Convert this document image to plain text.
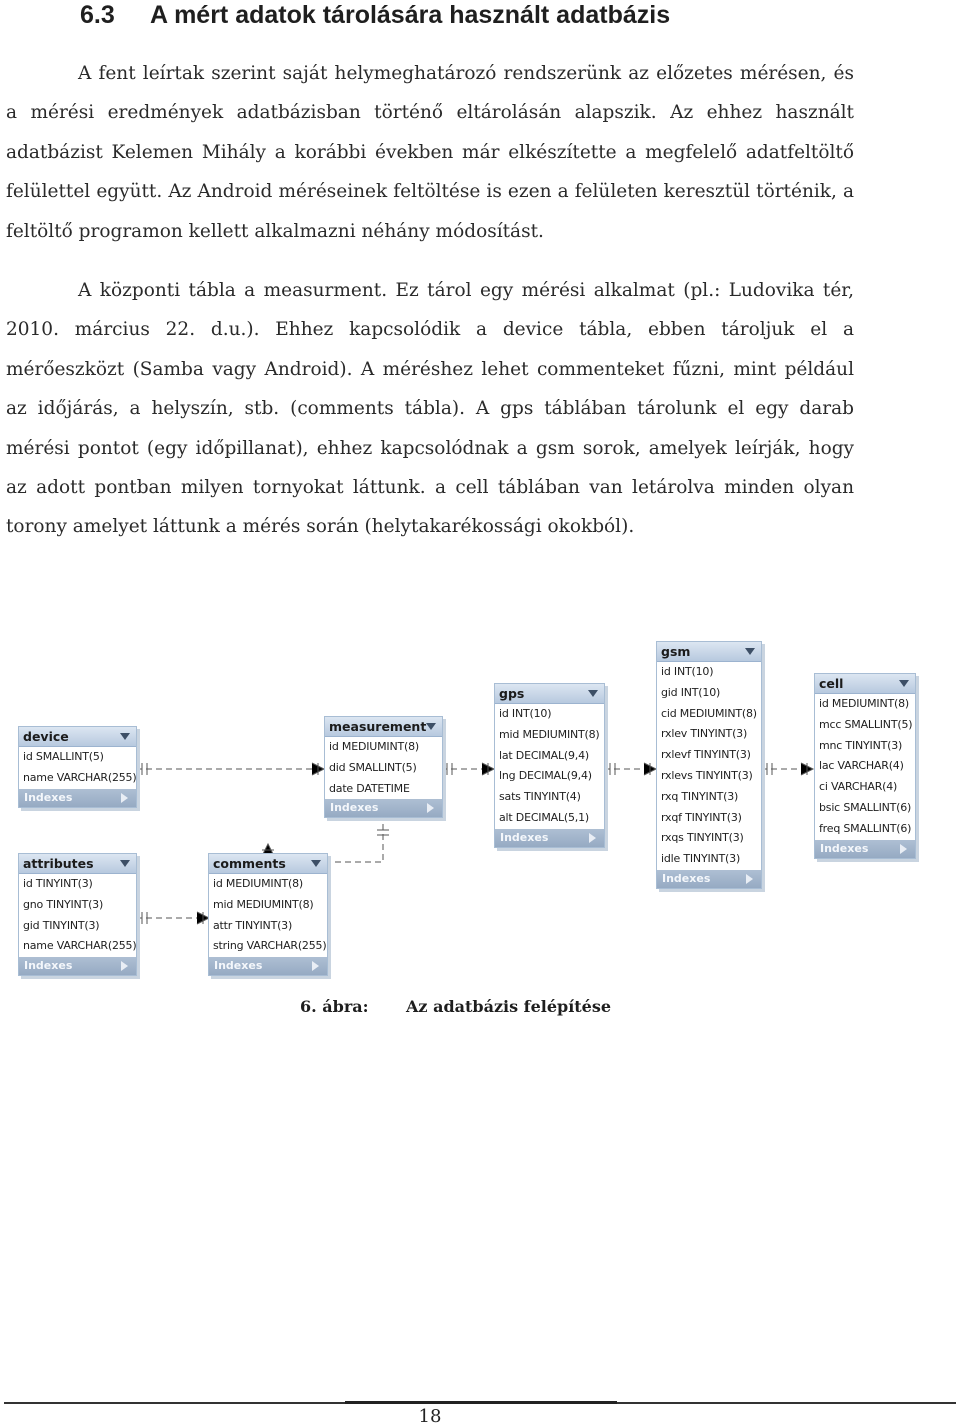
6.3 A mért adatok tárolására használt adatbázis

A fent leírtak szerint saját helymeghatározó rendszerünk az előzetes mérésen, és a mérési eredmények adatbázisban történő eltárolásán alapszik. Az ehhez használt adatbázist Kelemen Mihály a korábbi években már elkészítette a megfelelő adatfeltöltő felülettel együtt. Az Android méréseinek feltöltése is ezen a felületen keresztül történik, a feltöltő programon kellett alkalmazni néhány módosítást.

A központi tábla a measurment. Ez tárol egy mérési alkalmat (pl.: Ludovika tér, 2010. március 22. d.u.). Ehhez kapcsolódik a device tábla, ebben tároljuk el a mérőeszközt (Samba vagy Android). A méréshez lehet commenteket fűzni, mint például az időjárás, a helyszín, stb. (comments tábla). A gps táblában tárolunk el egy darab mérési pontot (egy időpillanat), ehhez kapcsolódnak a gsm sorok, amelyek leírják, hogy az adott pontban milyen tornyokat láttunk. a cell táblában van letárolva minden olyan torony amelyet láttunk a mérés során (helytakarékossági okokból).

device
id SMALLINT(5)
name VARCHAR(255)
Indexes
measurement
id MEDIUMINT(8)
did SMALLINT(5)
date DATETIME
Indexes
gps
id INT(10)
mid MEDIUMINT(8)
lat DECIMAL(9,4)
lng DECIMAL(9,4)
sats TINYINT(4)
alt DECIMAL(5,1)
Indexes
gsm
id INT(10)
gid INT(10)
cid MEDIUMINT(8)
rxlev TINYINT(3)
rxlevf TINYINT(3)
rxlevs TINYINT(3)
rxq TINYINT(3)
rxqf TINYINT(3)
rxqs TINYINT(3)
idle TINYINT(3)
Indexes
cell
id MEDIUMINT(8)
mcc SMALLINT(5)
mnc TINYINT(3)
lac VARCHAR(4)
ci VARCHAR(4)
bsic SMALLINT(6)
freq SMALLINT(6)
Indexes
attributes
id TINYINT(3)
gno TINYINT(3)
gid TINYINT(3)
name VARCHAR(255)
Indexes
comments
id MEDIUMINT(8)
mid MEDIUMINT(8)
attr TINYINT(3)
string VARCHAR(255)
Indexes
6. ábra: Az adatbázis felépítése
18
